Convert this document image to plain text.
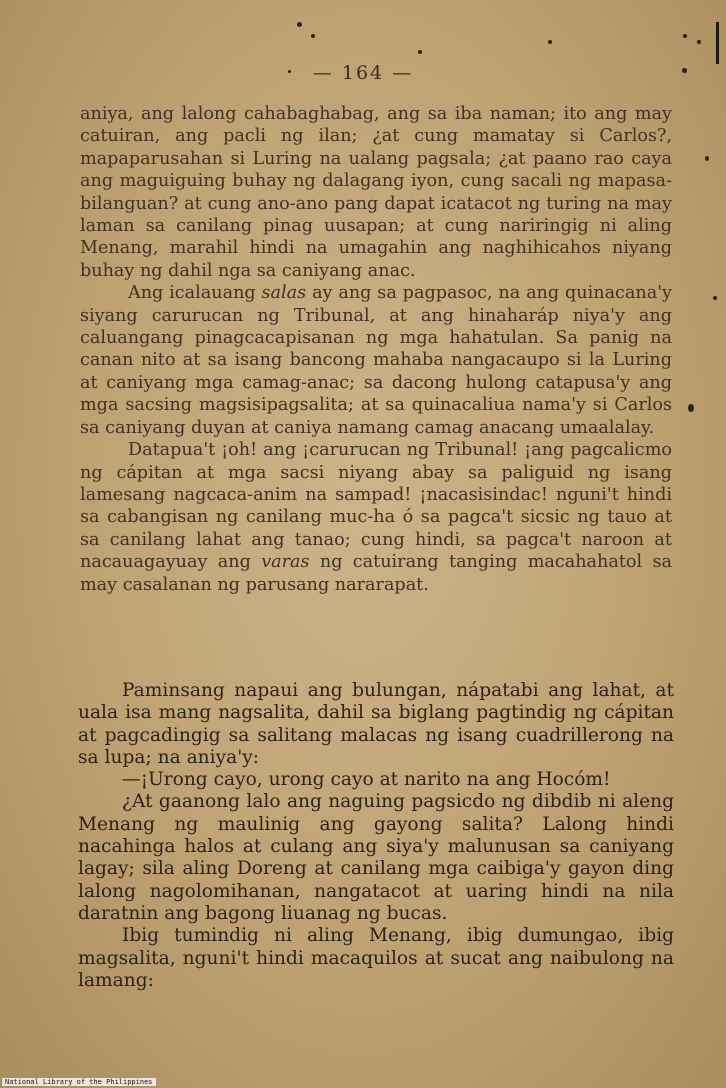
— 164 —

aniya, ang lalong cahabaghabag, ang sa iba naman; ito ang may catuiran, ang pacli ng ilan; ¿at cung mamatay si Carlos?, mapaparusahan si Luring na ualang pagsala; ¿at paano rao caya ang maguiguing buhay ng dalagang iyon, cung sacali ng mapasa-bilanguan? at cung ano-ano pang dapat icatacot ng turing na may laman sa canilang pinag uusapan; at cung nariringig ni aling Menang, marahil hindi na umagahin ang naghihicahos niyang buhay ng dahil nga sa caniyang anac.

Ang icalauang salas ay ang sa pagpasoc, na ang quinacana'y siyang carurucan ng Tribunal, at ang hinaharáp niya'y ang caluangang pinagcacapisanan ng mga hahatulan. Sa panig na canan nito at sa isang bancong mahaba nangacaupo si la Luring at caniyang mga camag-anac; sa dacong hulong catapusa'y ang mga sacsing magsisipagsalita; at sa quinacaliua nama'y si Carlos sa caniyang duyan at caniya namang camag anacang umaalalay.

Datapua't ¡oh! ang ¡carurucan ng Tribunal! ¡ang pagcalicmo ng cápitan at mga sacsi niyang abay sa paliguid ng isang lamesang nagcaca-anim na sampad! ¡nacasisindac! nguni't hindi sa cabangisan ng canilang muc-ha ó sa pagca't sicsic ng tauo at sa canilang lahat ang tanao; cung hindi, sa pagca't naroon at nacauagayuay ang varas ng catuirang tanging macahahatol sa may casalanan ng parusang nararapat.

Paminsang napaui ang bulungan, nápatabi ang lahat, at uala isa mang nagsalita, dahil sa biglang pagtindig ng cápitan at pagcadingig sa salitang malacas ng isang cuadrillerong na sa lupa; na aniya'y:

—¡Urong cayo, urong cayo at narito na ang Hocóm!

¿At gaanong lalo ang naguing pagsicdo ng dibdib ni aleng Menang ng maulinig ang gayong salita? Lalong hindi nacahinga halos at culang ang siya'y malunusan sa caniyang lagay; sila aling Doreng at canilang mga caibiga'y gayon ding lalong nagolomihanan, nangatacot at uaring hindi na nila daratnin ang bagong liuanag ng bucas.

Ibig tumindig ni aling Menang, ibig dumungao, ibig magsalita, nguni't hindi macaquilos at sucat ang naibulong na lamang:

National Library of the Philippines
